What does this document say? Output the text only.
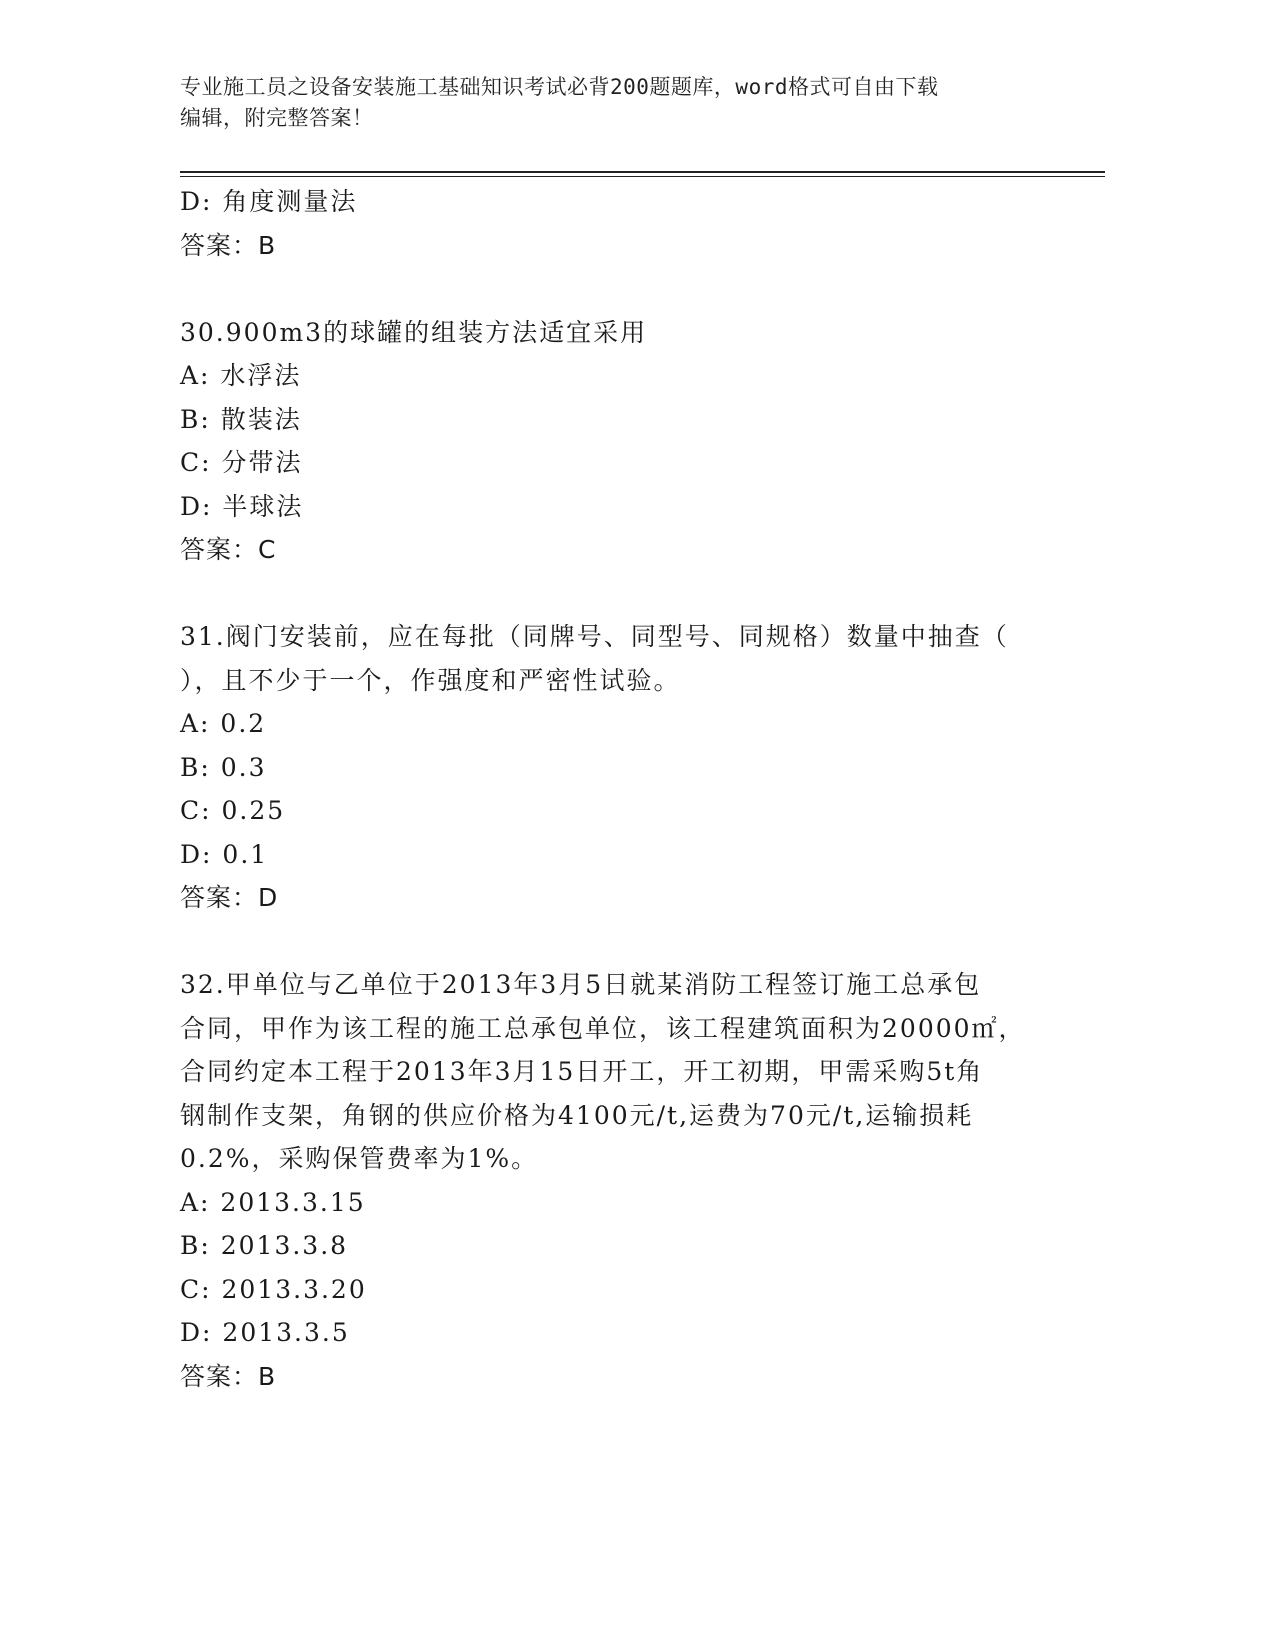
专业施工员之设备安装施工基础知识考试必背200题题库，word格式可自由下载

编辑，附完整答案！

D: 角度测量法
答案：B
30.900m3的球罐的组装方法适宜采用
A: 水浮法
B: 散装法
C: 分带法
D: 半球法
答案：C
31.阀门安装前，应在每批（同牌号、同型号、同规格）数量中抽查（
），且不少于一个，作强度和严密性试验。
A: 0.2
B: 0.3
C: 0.25
D: 0.1
答案：D
32.甲单位与乙单位于2013年3月5日就某消防工程签订施工总承包
合同，甲作为该工程的施工总承包单位，该工程建筑面积为20000㎡，
合同约定本工程于2013年3月15日开工，开工初期，甲需采购5t角
钢制作支架，角钢的供应价格为4100元/t,运费为70元/t,运输损耗
0.2%，采购保管费率为1%。
A: 2013.3.15
B: 2013.3.8
C: 2013.3.20
D: 2013.3.5
答案：B
